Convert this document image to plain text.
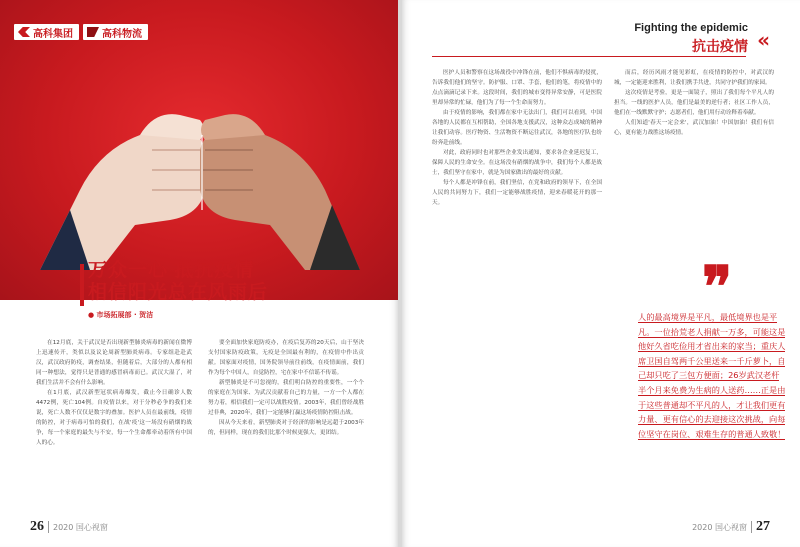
高科集团	高科物流
万众一心 抵抗疫情
相信阳光总在风雨后
● 市场拓展部 · 贺洁

在12月底，关于武汉是否出现新型肺炎病毒的新闻在微博上迅速传开，类似以及议论周新型肺炎病毒。专家组赴赴武汉，武汉政府防疫，调查结果，但随着后，大部分的人都有相同一种想法，觉得只是普通的感冒病毒而已。武汉大湿了，对我们生活并不会有什么影响。

在1月底，武汉新型冠状病毒爆发，截止今日确诊人数4472例，死亡104例。自疫情以来，对于分秒必争的我们来说，死亡人数不仅仅是数字的叠加。医护人员在最前线，疫情的防控，对于病毒可怕的我们，在战'疫'这一场没有硝烟的战争，每一个家庭的最失与不安，每一个生命都牵动着所有中国人的心。

要全面加快家庭防疫办，在疫后复苏的20天后，山于坚决支付国家防疫政策，无疫是全国最有利的，在疫情中作出贡献。国家面对疫情，国务院领导前往前线，在疫情面前，我们作为每个中国人，自觉防控，宅在家中不信谣不传谣。

新型肺炎是不可忽视的，我们明白防控的重要性，一个个的家庭在为国家、为武汉贡献着自己的力量，一方一个人都在努力着，相信我们一定可以战胜疫情。2003年，我们曾经战胜过非典，2020年，我们一定能够打赢这场疫情防控阻击战。

因从今天来看，新型肺炎对于经济的影响是远超于2003年的，但同样，现在的我们比那个时候更强大，更团结。

26 2020 国心视窗
Fighting the epidemic
抗击疫情 «

医护人员和警察在这场战役中冲锋在前，他们不惧病毒的侵扰，告诉我们他们的坚守。防护服、口罩、手套，他们的笔，将疫情中的点点滴滴记录下来。这段时间，我们的城市变得异常安静，可是医院里却异常的忙碌，他们为了每一个生命而努力。

由于疫情的影响，我们都在家中无法出门，我们可以看到，中国各地的人民都在互相帮助，全国各地支援武汉，这种众志成城的精神让我们动容。医疗物资、生活物资不断运往武汉，各地的医疗队也纷纷奔赴前线。

对此，政府同时也对那些企业发出通知，要求各企业延迟复工，保障人民的生命安全。在这场没有硝烟的战争中，我们每个人都是战士，我们坚守在家中，就是为国家做出的最好的贡献。

每个人都是冲锋在前，我们坚信，在党和政府的领导下，在全国人民的共同努力下，我们一定能够战胜疫情，迎来春暖花开的那一天。

而后，经历风雨才能见彩虹，在疫情的防控中，对武汉的城，一定能迎来胜利，让我们携手共进，共同守护我们的家园。

这次疫情是考验，更是一面镜子，照出了我们每个平凡人的担当。一线的医护人员，他们是最美的逆行者；社区工作人员，他们在一线默默守护；志愿者们，他们用行动诠释着奉献。

人们知道'春天一定会来'，武汉加油！中国加油！我们有信心，更有能力战胜这场疫情。

❞
人的最高境界是平凡，最低境界也是平凡。一位拾荒老人捐献一万多，可能这是他好久省吃俭用才省出来的家当；重庆人席卫国自驾两千公里送来一千斤萝卜，自己却只吃了三包方便面；26岁武汉老杆半个月来免费为生病的人送药……正是由于这些普通却不平凡的人，才让我们更有力量、更有信心的去迎接这次挑战，向每位坚守在岗位、艰难生存的普通人致敬！
2020 国心视窗 27
